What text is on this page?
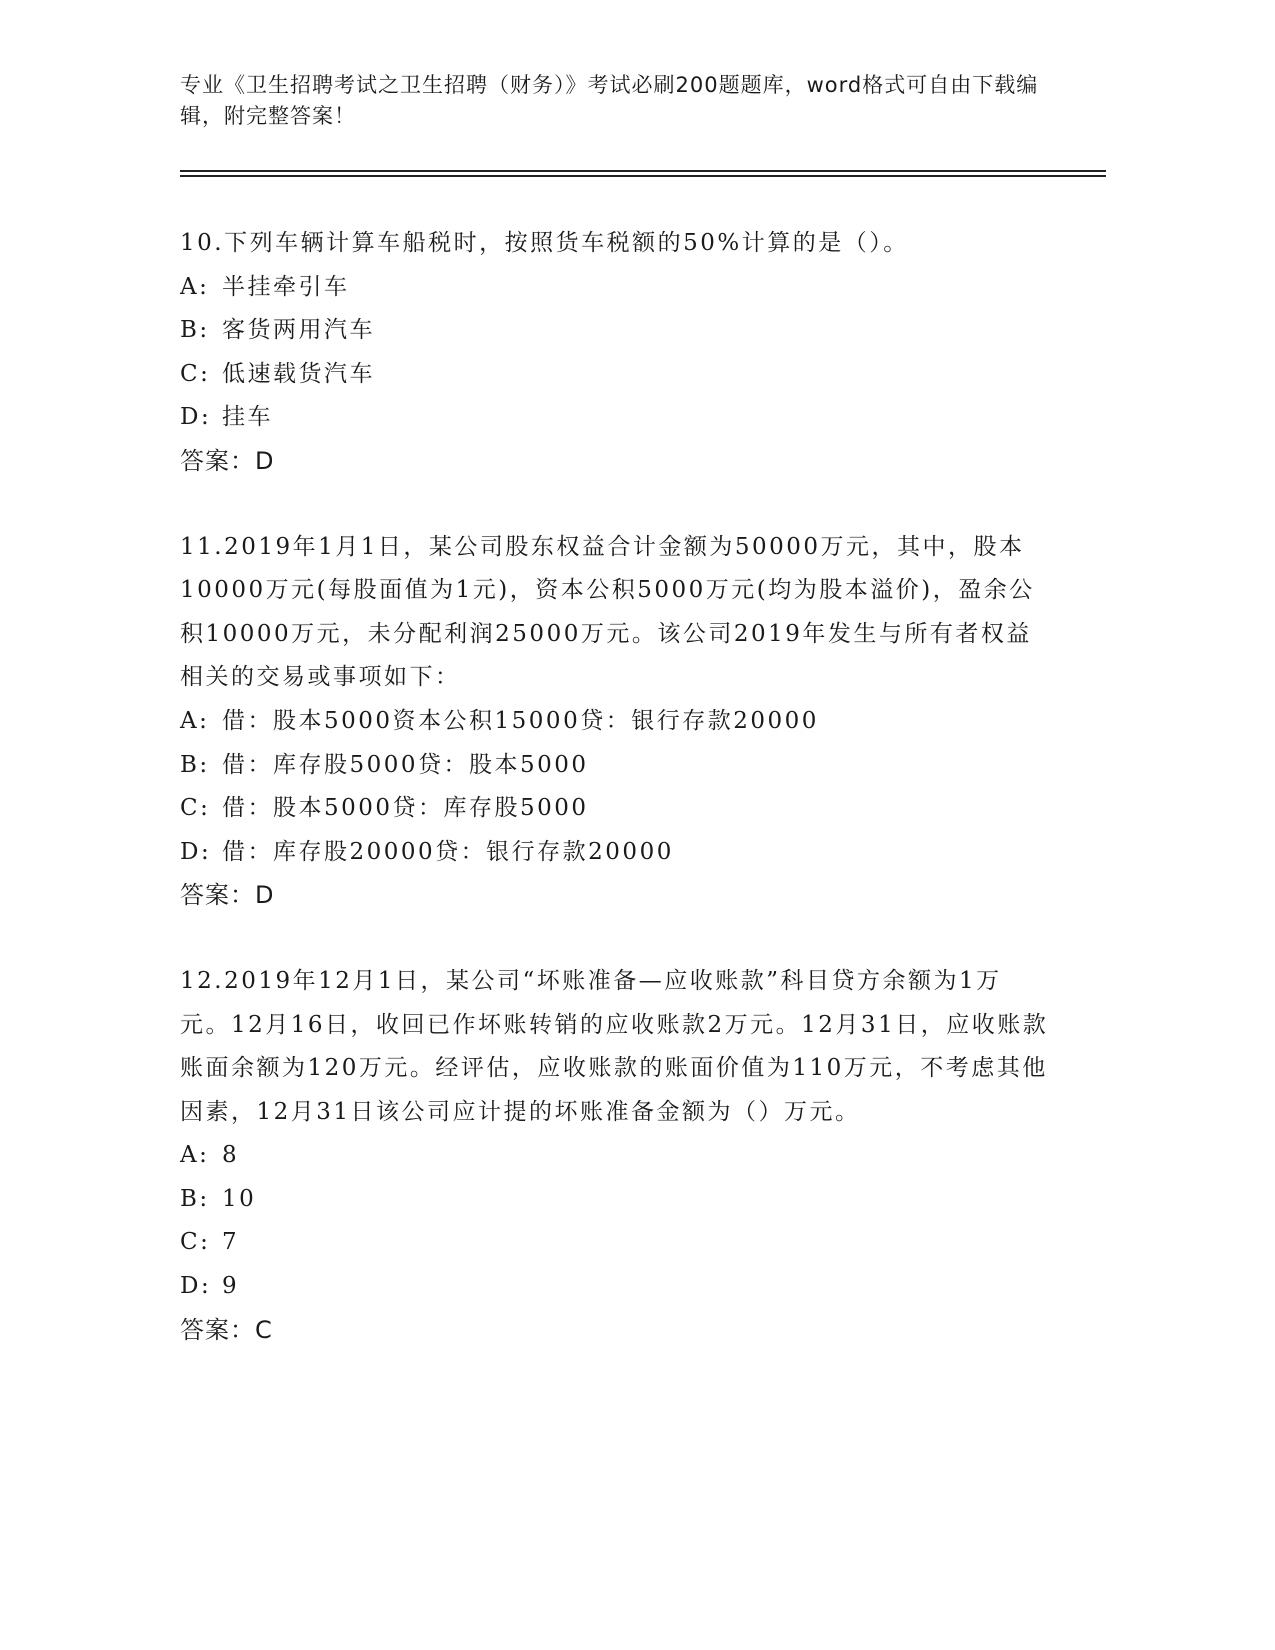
专业《卫生招聘考试之卫生招聘（财务）》考试必刷200题题库，word格式可自由下载编辑，附完整答案！

10.下列车辆计算车船税时，按照货车税额的50%计算的是（）。

A: 半挂牵引车

B: 客货两用汽车

C: 低速载货汽车

D: 挂车

答案：D

11.2019年1月1日，某公司股东权益合计金额为50000万元，其中，股本10000万元(每股面值为1元)，资本公积5000万元(均为股本溢价)，盈余公积10000万元，未分配利润25000万元。该公司2019年发生与所有者权益相关的交易或事项如下：

A: 借：股本5000资本公积15000贷：银行存款20000

B: 借：库存股5000贷：股本5000

C: 借：股本5000贷：库存股5000

D: 借：库存股20000贷：银行存款20000

答案：D

12.2019年12月1日，某公司“坏账准备—应收账款”科目贷方余额为1万元。12月16日，收回已作坏账转销的应收账款2万元。12月31日，应收账款账面余额为120万元。经评估，应收账款的账面价值为110万元，不考虑其他因素，12月31日该公司应计提的坏账准备金额为（）万元。

A: 8

B: 10

C: 7

D: 9

答案：C
